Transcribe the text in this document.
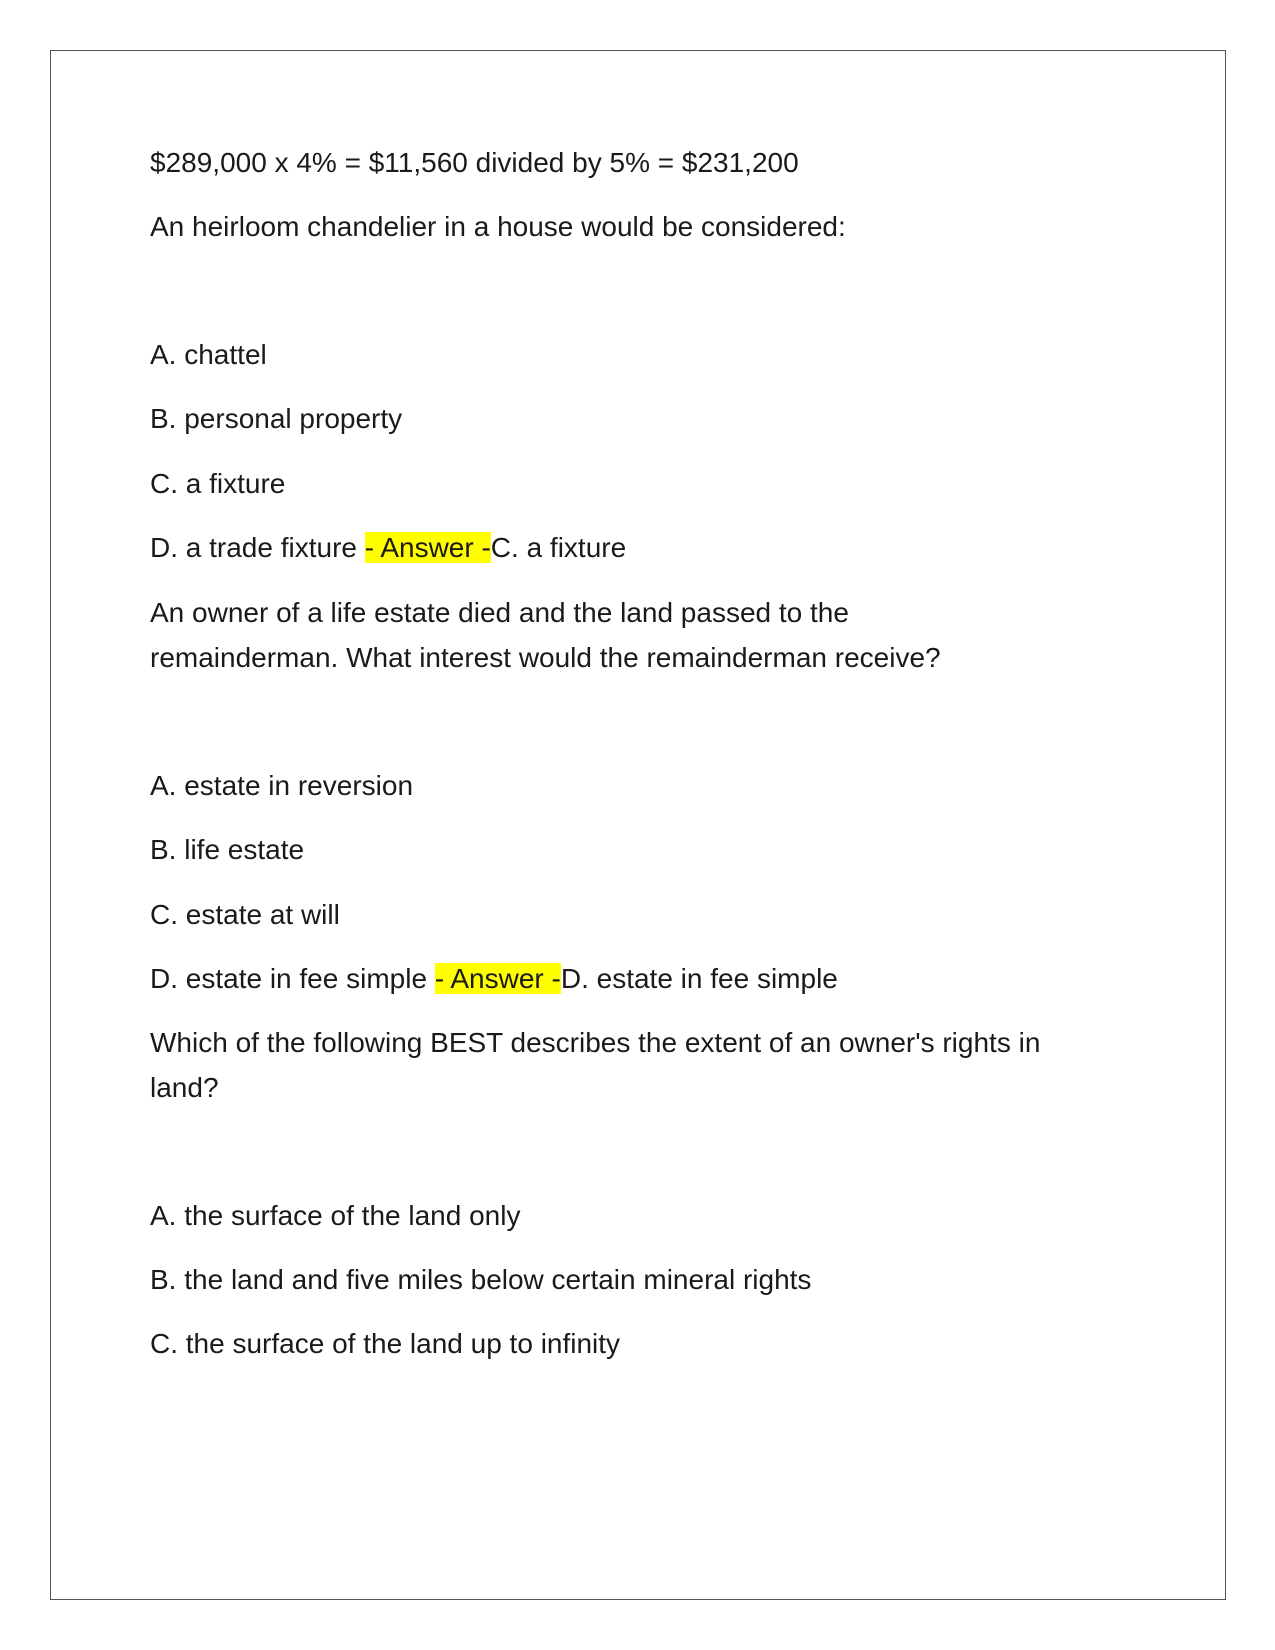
$289,000 x 4% = $11,560 divided by 5% = $231,200
An heirloom chandelier in a house would be considered:
A. chattel
B. personal property
C. a fixture
D. a trade fixture - Answer -C. a fixture
An owner of a life estate died and the land passed to the
remainderman. What interest would the remainderman receive?
A. estate in reversion
B. life estate
C. estate at will
D. estate in fee simple - Answer -D. estate in fee simple
Which of the following BEST describes the extent of an owner's rights in
land?
A. the surface of the land only
B. the land and five miles below certain mineral rights
C. the surface of the land up to infinity
